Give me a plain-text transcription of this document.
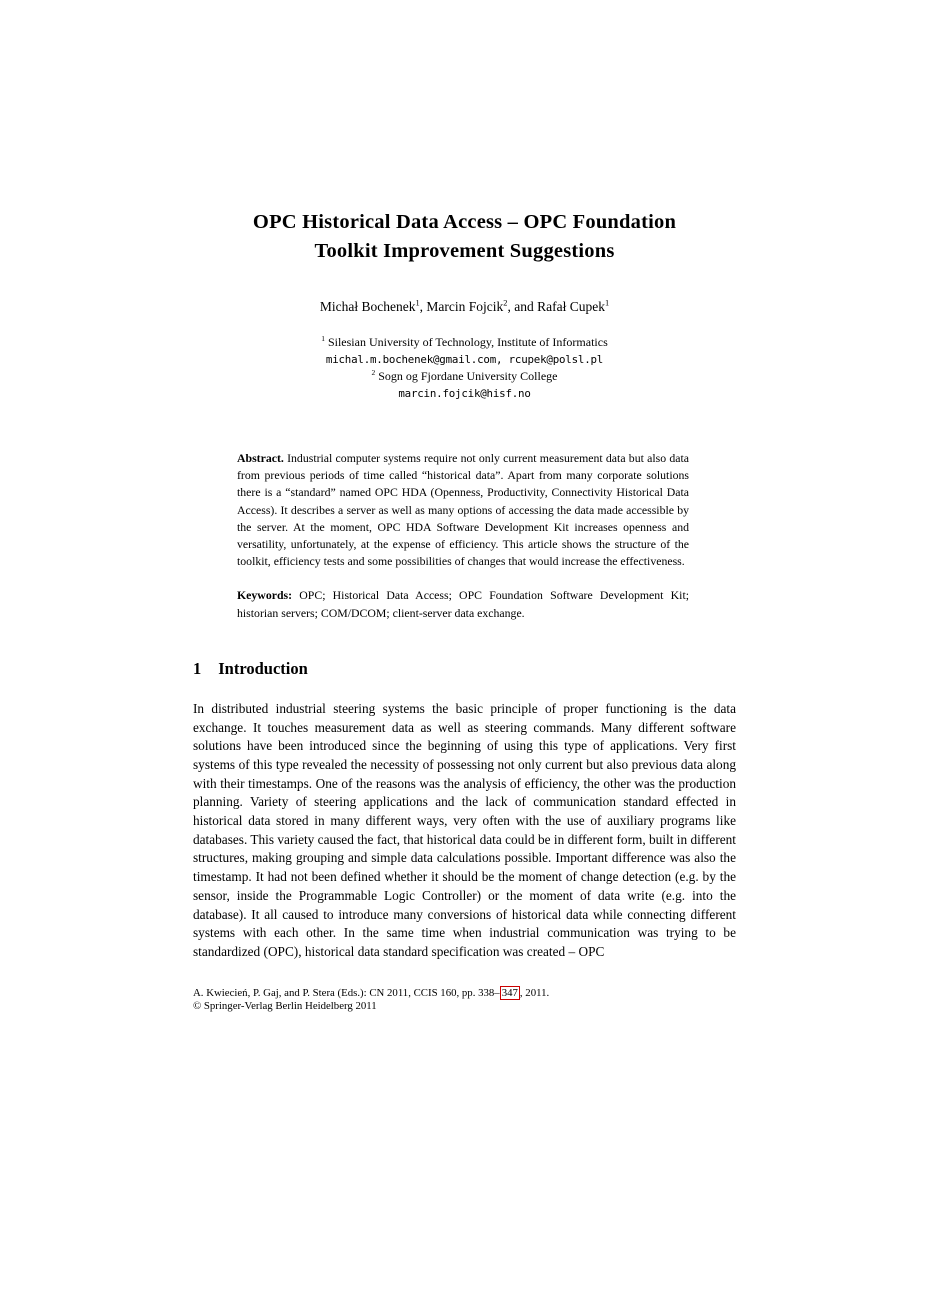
OPC Historical Data Access – OPC Foundation
Toolkit Improvement Suggestions
Michał Bochenek$^1$, Marcin Fojcik$^2$, and Rafał Cupek$^1$
$^1$ Silesian University of Technology, Institute of Informatics
michal.m.bochenek@gmail.com, rcupek@polsl.pl
$^2$ Sogn og Fjordane University College
marcin.fojcik@hisf.no
Abstract. Industrial computer systems require not only current measurement data but also data from previous periods of time called “historical data”. Apart from many corporate solutions there is a “standard” named OPC HDA (Openness, Productivity, Connectivity Historical Data Access). It describes a server as well as many options of accessing the data made accessible by the server. At the moment, OPC HDA Software Development Kit increases openness and versatility, unfortunately, at the expense of efficiency. This article shows the structure of the toolkit, efficiency tests and some possibilities of changes that would increase the effectiveness.
Keywords: OPC; Historical Data Access; OPC Foundation Software Development Kit; historian servers; COM/DCOM; client-server data exchange.
1 Introduction

In distributed industrial steering systems the basic principle of proper functioning is the data exchange. It touches measurement data as well as steering commands. Many different software solutions have been introduced since the beginning of using this type of applications. Very first systems of this type revealed the necessity of possessing not only current but also previous data along with their timestamps. One of the reasons was the analysis of efficiency, the other was the production planning. Variety of steering applications and the lack of communication standard effected in historical data stored in many different ways, very often with the use of auxiliary programs like databases. This variety caused the fact, that historical data could be in different form, built in different structures, making grouping and simple data calculations possible. Important difference was also the timestamp. It had not been defined whether it should be the moment of change detection (e.g. by the sensor, inside the Programmable Logic Controller) or the moment of data write (e.g. into the database). It all caused to introduce many conversions of historical data while connecting different systems with each other. In the same time when industrial communication was trying to be standardized (OPC), historical data standard specification was created – OPC

A. Kwiecień, P. Gaj, and P. Stera (Eds.): CN 2011, CCIS 160, pp. 338– 347 , 2011.
© Springer-Verlag Berlin Heidelberg 2011
